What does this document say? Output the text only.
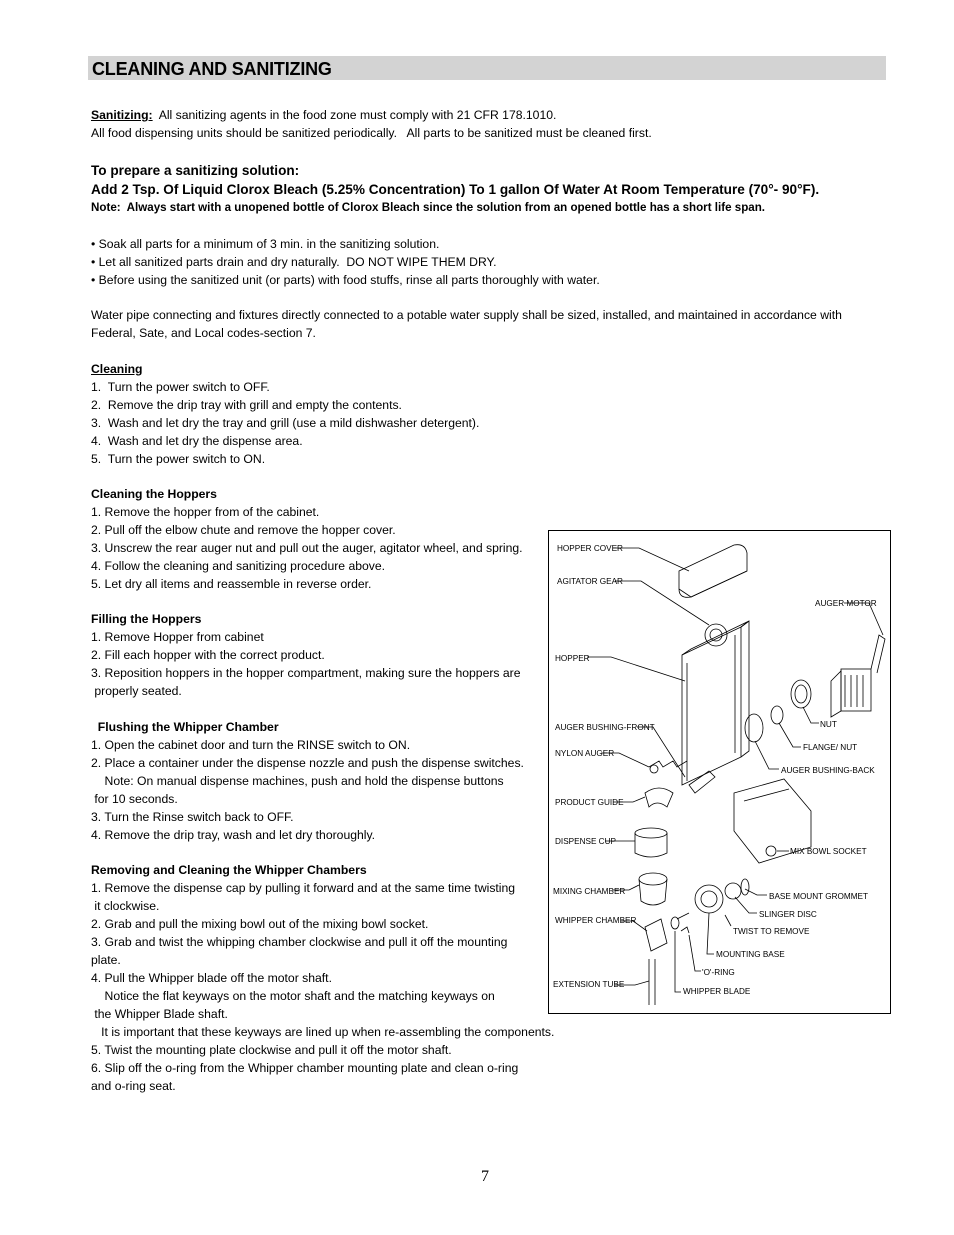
CLEANING AND SANITIZING
Sanitizing:  All sanitizing agents in the food zone must comply with 21 CFR 178.1010.
All food dispensing units should be sanitized periodically.   All parts to be sanitized must be cleaned first.
To prepare a sanitizing solution:
Add 2 Tsp. Of Liquid Clorox Bleach (5.25% Concentration) To 1 gallon Of Water At Room Temperature (70°- 90°F).
Note:  Always start with a unopened bottle of Clorox Bleach since the solution from an opened bottle has a short life span.
• Soak all parts for a minimum of 3 min. in the sanitizing solution.
• Let all sanitized parts drain and dry naturally.  DO NOT WIPE THEM DRY.
• Before using the sanitized unit (or parts) with food stuffs, rinse all parts thoroughly with water.
Water pipe connecting and fixtures directly connected to a potable water supply shall be sized, installed, and maintained in accordance with
Federal, Sate, and Local codes-section 7.
Cleaning
1.  Turn the power switch to OFF.
2.  Remove the drip tray with grill and empty the contents.
3.  Wash and let dry the tray and grill (use a mild dishwasher detergent).
4.  Wash and let dry the dispense area.
5.  Turn the power switch to ON.
Cleaning the Hoppers
1. Remove the hopper from of the cabinet.
2. Pull off the elbow chute and remove the hopper cover.
3. Unscrew the rear auger nut and pull out the auger, agitator wheel, and spring.
4. Follow the cleaning and sanitizing procedure above.
5. Let dry all items and reassemble in reverse order.
Filling the Hoppers
1. Remove Hopper from cabinet
2. Fill each hopper with the correct product.
3. Reposition hoppers in the hopper compartment, making sure the hoppers are
properly seated.
Flushing the Whipper Chamber
1. Open the cabinet door and turn the RINSE switch to ON.
2. Place a container under the dispense nozzle and push the dispense switches.
Note: On manual dispense machines, push and hold the dispense buttons
for 10 seconds.
3. Turn the Rinse switch back to OFF.
4. Remove the drip tray, wash and let dry thoroughly.
Removing and Cleaning the Whipper Chambers
1. Remove the dispense cap by pulling it forward and at the same time twisting
it clockwise.
2. Grab and pull the mixing bowl out of the mixing bowl socket.
3. Grab and twist the whipping chamber clockwise and pull it off the mounting
plate.
4. Pull the Whipper blade off the motor shaft.
Notice the flat keyways on the motor shaft and the matching keyways on
the Whipper Blade shaft.
It is important that these keyways are lined up when re-assembling the components.
5. Twist the mounting plate clockwise and pull it off the motor shaft.
6. Slip off the o-ring from the Whipper chamber mounting plate and clean o-ring
and o-ring seat.
HOPPER COVER
AGITATOR GEAR
AUGER MOTOR
HOPPER
NUT
AUGER BUSHING-FRONT
FLANGE/ NUT
NYLON AUGER
AUGER BUSHING-BACK
PRODUCT GUIDE
DISPENSE CUP
MIX BOWL SOCKET
MIXING CHAMBER
BASE MOUNT GROMMET
WHIPPER CHAMBER
SLINGER DISC
TWIST TO REMOVE
MOUNTING BASE
'O'-RING
EXTENSION TUBE
WHIPPER BLADE
7
